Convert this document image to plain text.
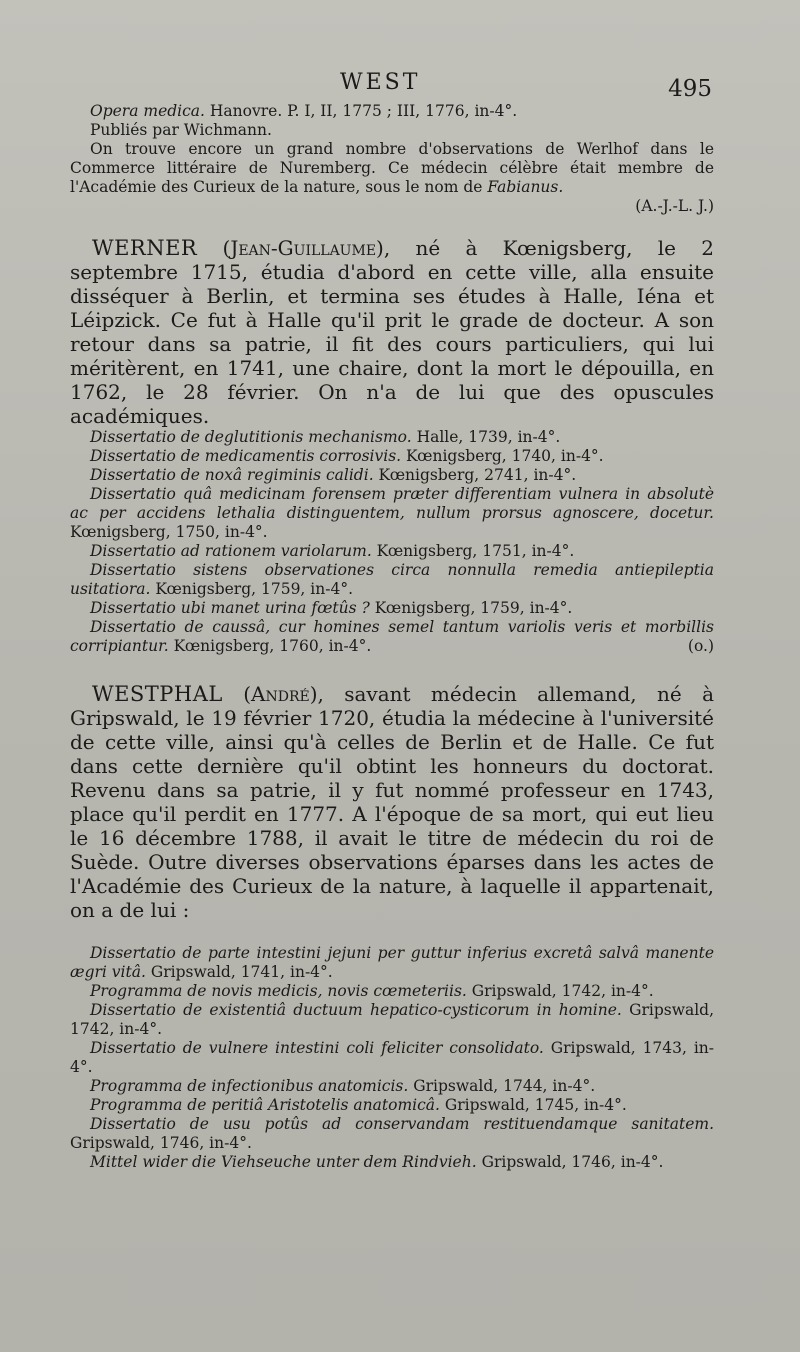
WEST	495

Opera medica. Hanovre. P. I, II, 1775 ; III, 1776, in-4°.

Publiés par Wichmann.

On trouve encore un grand nombre d'observations de Werlhof dans le Commerce littéraire de Nuremberg. Ce médecin célèbre était membre de l'Académie des Curieux de la nature, sous le nom de Fabianus.

(A.-J.-L. J.)

WERNER (Jean-Guillaume), né à Kœnigsberg, le 2 septembre 1715, étudia d'abord en cette ville, alla ensuite disséquer à Berlin, et termina ses études à Halle, Iéna et Léipzick. Ce fut à Halle qu'il prit le grade de docteur. A son retour dans sa patrie, il fit des cours particuliers, qui lui méritèrent, en 1741, une chaire, dont la mort le dépouilla, en 1762, le 28 février. On n'a de lui que des opuscules académiques.

Dissertatio de deglutitionis mechanismo. Halle, 1739, in-4°.

Dissertatio de medicamentis corrosivis. Kœnigsberg, 1740, in-4°.

Dissertatio de noxâ regiminis calidi. Kœnigsberg, 2741, in-4°.

Dissertatio quâ medicinam forensem præter differentiam vulnera in absolutè ac per accidens lethalia distinguentem, nullum prorsus agnoscere, docetur. Kœnigsberg, 1750, in-4°.

Dissertatio ad rationem variolarum. Kœnigsberg, 1751, in-4°.

Dissertatio sistens observationes circa nonnulla remedia antiepileptia usitatiora. Kœnigsberg, 1759, in-4°.

Dissertatio ubi manet urina fœtûs ? Kœnigsberg, 1759, in-4°.

Dissertatio de caussâ, cur homines semel tantum variolis veris et morbillis corripiantur. Kœnigsberg, 1760, in-4°.	(o.)

WESTPHAL (André), savant médecin allemand, né à Gripswald, le 19 février 1720, étudia la médecine à l'université de cette ville, ainsi qu'à celles de Berlin et de Halle. Ce fut dans cette dernière qu'il obtint les honneurs du doctorat. Revenu dans sa patrie, il y fut nommé professeur en 1743, place qu'il perdit en 1777. A l'époque de sa mort, qui eut lieu le 16 décembre 1788, il avait le titre de médecin du roi de Suède. Outre diverses observations éparses dans les actes de l'Académie des Curieux de la nature, à laquelle il appartenait, on a de lui :

Dissertatio de parte intestini jejuni per guttur inferius excretâ salvâ manente ægri vitâ. Gripswald, 1741, in-4°.

Programma de novis medicis, novis cœmeteriis. Gripswald, 1742, in-4°.

Dissertatio de existentiâ ductuum hepatico-cysticorum in homine. Gripswald, 1742, in-4°.

Dissertatio de vulnere intestini coli feliciter consolidato. Gripswald, 1743, in-4°.

Programma de infectionibus anatomicis. Gripswald, 1744, in-4°.

Programma de peritiâ Aristotelis anatomicâ. Gripswald, 1745, in-4°.

Dissertatio de usu potûs ad conservandam restituendamque sanitatem. Gripswald, 1746, in-4°.

Mittel wider die Viehseuche unter dem Rindvieh. Gripswald, 1746, in-4°.
